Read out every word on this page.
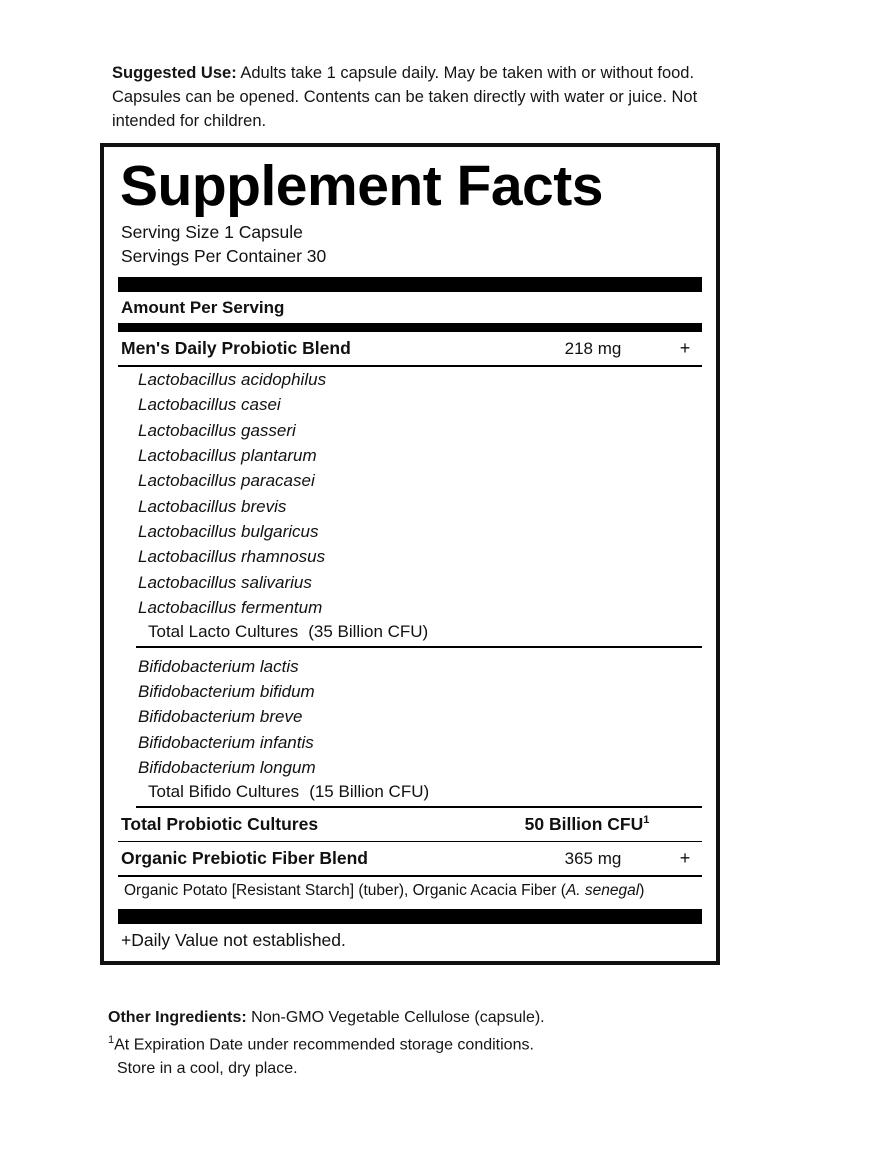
Suggested Use: Adults take 1 capsule daily. May be taken with or without food. Capsules can be opened. Contents can be taken directly with water or juice. Not intended for children.
Supplement Facts
Serving Size 1 Capsule
Servings Per Container 30
Amount Per Serving
Men's Daily Probiotic Blend	218 mg	+
Lactobacillus acidophilus
Lactobacillus casei
Lactobacillus gasseri
Lactobacillus plantarum
Lactobacillus paracasei
Lactobacillus brevis
Lactobacillus bulgaricus
Lactobacillus rhamnosus
Lactobacillus salivarius
Lactobacillus fermentum
Total Lacto Cultures (35 Billion CFU)
Bifidobacterium lactis
Bifidobacterium bifidum
Bifidobacterium breve
Bifidobacterium infantis
Bifidobacterium longum
Total Bifido Cultures (15 Billion CFU)
Total Probiotic Cultures	50 Billion CFU$^1$
Organic Prebiotic Fiber Blend	365 mg	+
Organic Potato [Resistant Starch] (tuber), Organic Acacia Fiber (A. senegal)
+Daily Value not established.
Other Ingredients: Non-GMO Vegetable Cellulose (capsule).
$^1$At Expiration Date under recommended storage conditions.
Store in a cool, dry place.
